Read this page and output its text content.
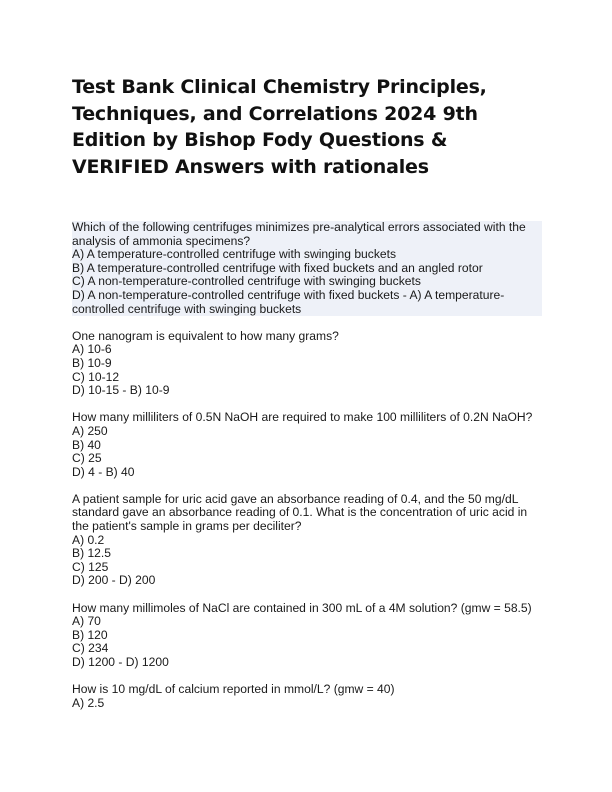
Test Bank Clinical Chemistry Principles, Techniques, and Correlations 2024 9th Edition by Bishop Fody Questions & VERIFIED Answers with rationales
Which of the following centrifuges minimizes pre-analytical errors associated with the
analysis of ammonia specimens?
A) A temperature-controlled centrifuge with swinging buckets
B) A temperature-controlled centrifuge with fixed buckets and an angled rotor
C) A non-temperature-controlled centrifuge with swinging buckets
D) A non-temperature-controlled centrifuge with fixed buckets - A) A temperature-
controlled centrifuge with swinging buckets
One nanogram is equivalent to how many grams?
A) 10-6
B) 10-9
C) 10-12
D) 10-15 - B) 10-9
How many milliliters of 0.5N NaOH are required to make 100 milliliters of 0.2N NaOH?
A) 250
B) 40
C) 25
D) 4 - B) 40
A patient sample for uric acid gave an absorbance reading of 0.4, and the 50 mg/dL
standard gave an absorbance reading of 0.1. What is the concentration of uric acid in
the patient's sample in grams per deciliter?
A) 0.2
B) 12.5
C) 125
D) 200 - D) 200
How many millimoles of NaCl are contained in 300 mL of a 4M solution? (gmw = 58.5)
A) 70
B) 120
C) 234
D) 1200 - D) 1200
How is 10 mg/dL of calcium reported in mmol/L? (gmw = 40)
A) 2.5
